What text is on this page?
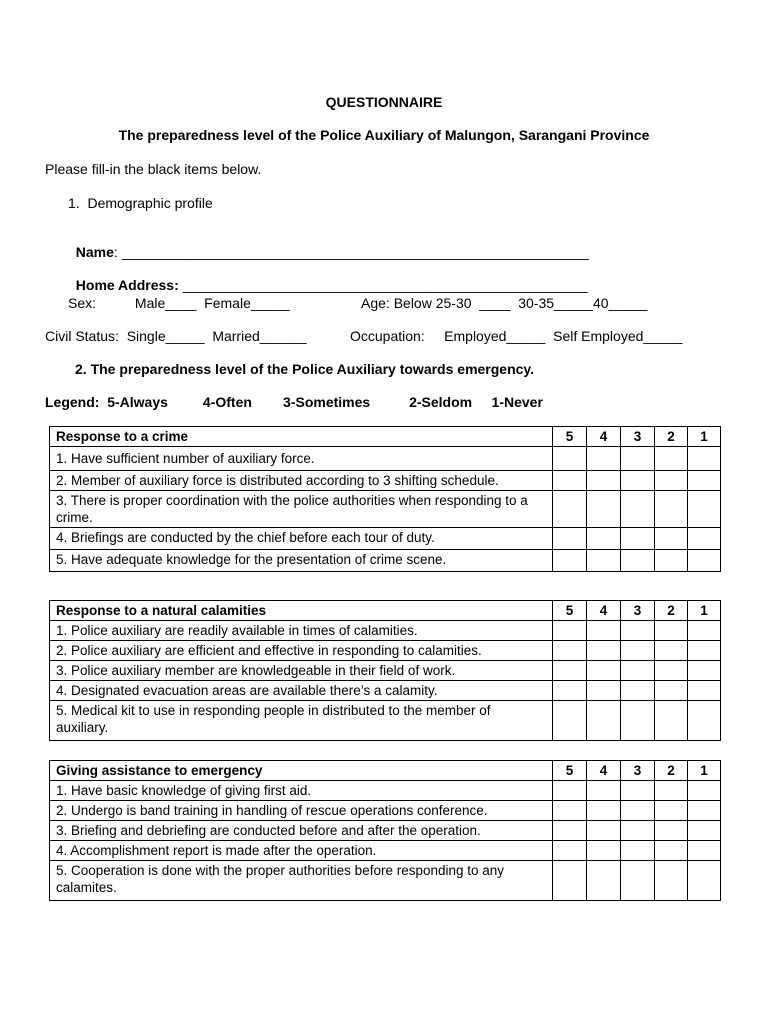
QUESTIONNAIRE
The preparedness level of the Police Auxiliary of Malungon, Sarangani Province
Please fill-in the black items below.
1.  Demographic profile

Name: ____________________________________________________________

Home Address: ____________________________________________________

Sex:          Male____  Female_____	Age: Below 25-30  ____  30-35_____40_____
Civil Status:  Single_____  Married______	Occupation:     Employed_____  Self Employed_____
2. The preparedness level of the Police Auxiliary towards emergency.
Legend:  5-Always         4-Often        3-Sometimes          2-Seldom     1-Never
Response to a crime	5	4	3	2	1
1. Have sufficient number of auxiliary force.					
2. Member of auxiliary force is distributed according to 3 shifting schedule.					
3. There is proper coordination with the police authorities when responding to a crime.					
4. Briefings are conducted by the chief before each tour of duty.					
5. Have adequate knowledge for the presentation of crime scene.					
Response to a natural calamities	5	4	3	2	1
1. Police auxiliary are readily available in times of calamities.					
2. Police auxiliary are efficient and effective in responding to calamities.					
3. Police auxiliary member are knowledgeable in their field of work.					
4. Designated evacuation areas are available there’s a calamity.					
5. Medical kit to use in responding people in distributed to the member of auxiliary.					
Giving assistance to emergency	5	4	3	2	1
1. Have basic knowledge of giving first aid.					
2. Undergo is band training in handling of rescue operations conference.					
3. Briefing and debriefing are conducted before and after the operation.					
4. Accomplishment report is made after the operation.					
5. Cooperation is done with the proper authorities before responding to any calamites.					
